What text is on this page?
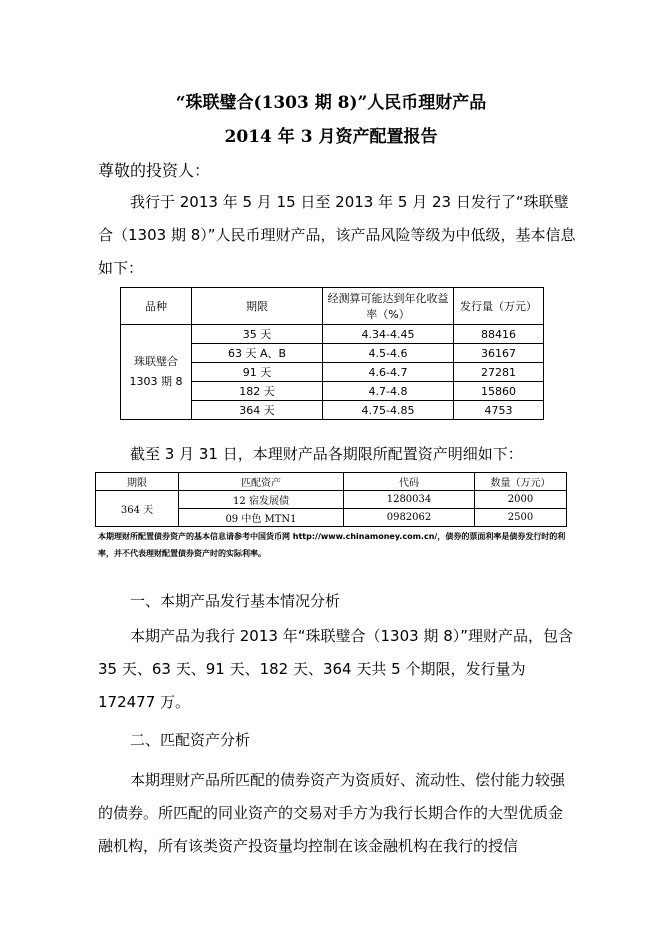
“珠联璧合(1303 期 8)”人民币理财产品
2014 年 3 月资产配置报告
尊敬的投资人：
我行于 2013 年 5 月 15 日至 2013 年 5 月 23 日发行了“珠联璧合（1303 期 8）”人民币理财产品，该产品风险等级为中低级，基本信息如下：
品种	期限	经测算可能达到年化收益率（%）	发行量（万元）
珠联璧合 1303 期 8	35 天	4.34-4.45	88416
	63 天 A、B	4.5-4.6	36167
	91 天	4.6-4.7	27281
	182 天	4.7-4.8	15860
	364 天	4.75-4.85	4753
截至 3 月 31 日，本理财产品各期限所配置资产明细如下：
期限	匹配资产	代码	数量（万元）
364 天	12 宿发展债	1280034	2000
	09 中色 MTN1	0982062	2500
本期理财所配置债券资产的基本信息请参考中国货币网 http://www.chinamoney.com.cn/，债券的票面利率是债券发行时的利率，并不代表理财配置债券资产时的实际利率。
一、本期产品发行基本情况分析
本期产品为我行 2013 年“珠联璧合（1303 期 8）”理财产品，包含 35 天、63 天、91 天、182 天、364 天共 5 个期限，发行量为 172477 万。
二、匹配资产分析
本期理财产品所匹配的债券资产为资质好、流动性、偿付能力较强的债券。所匹配的同业资产的交易对手方为我行长期合作的大型优质金融机构，所有该类资产投资量均控制在该金融机构在我行的授信
